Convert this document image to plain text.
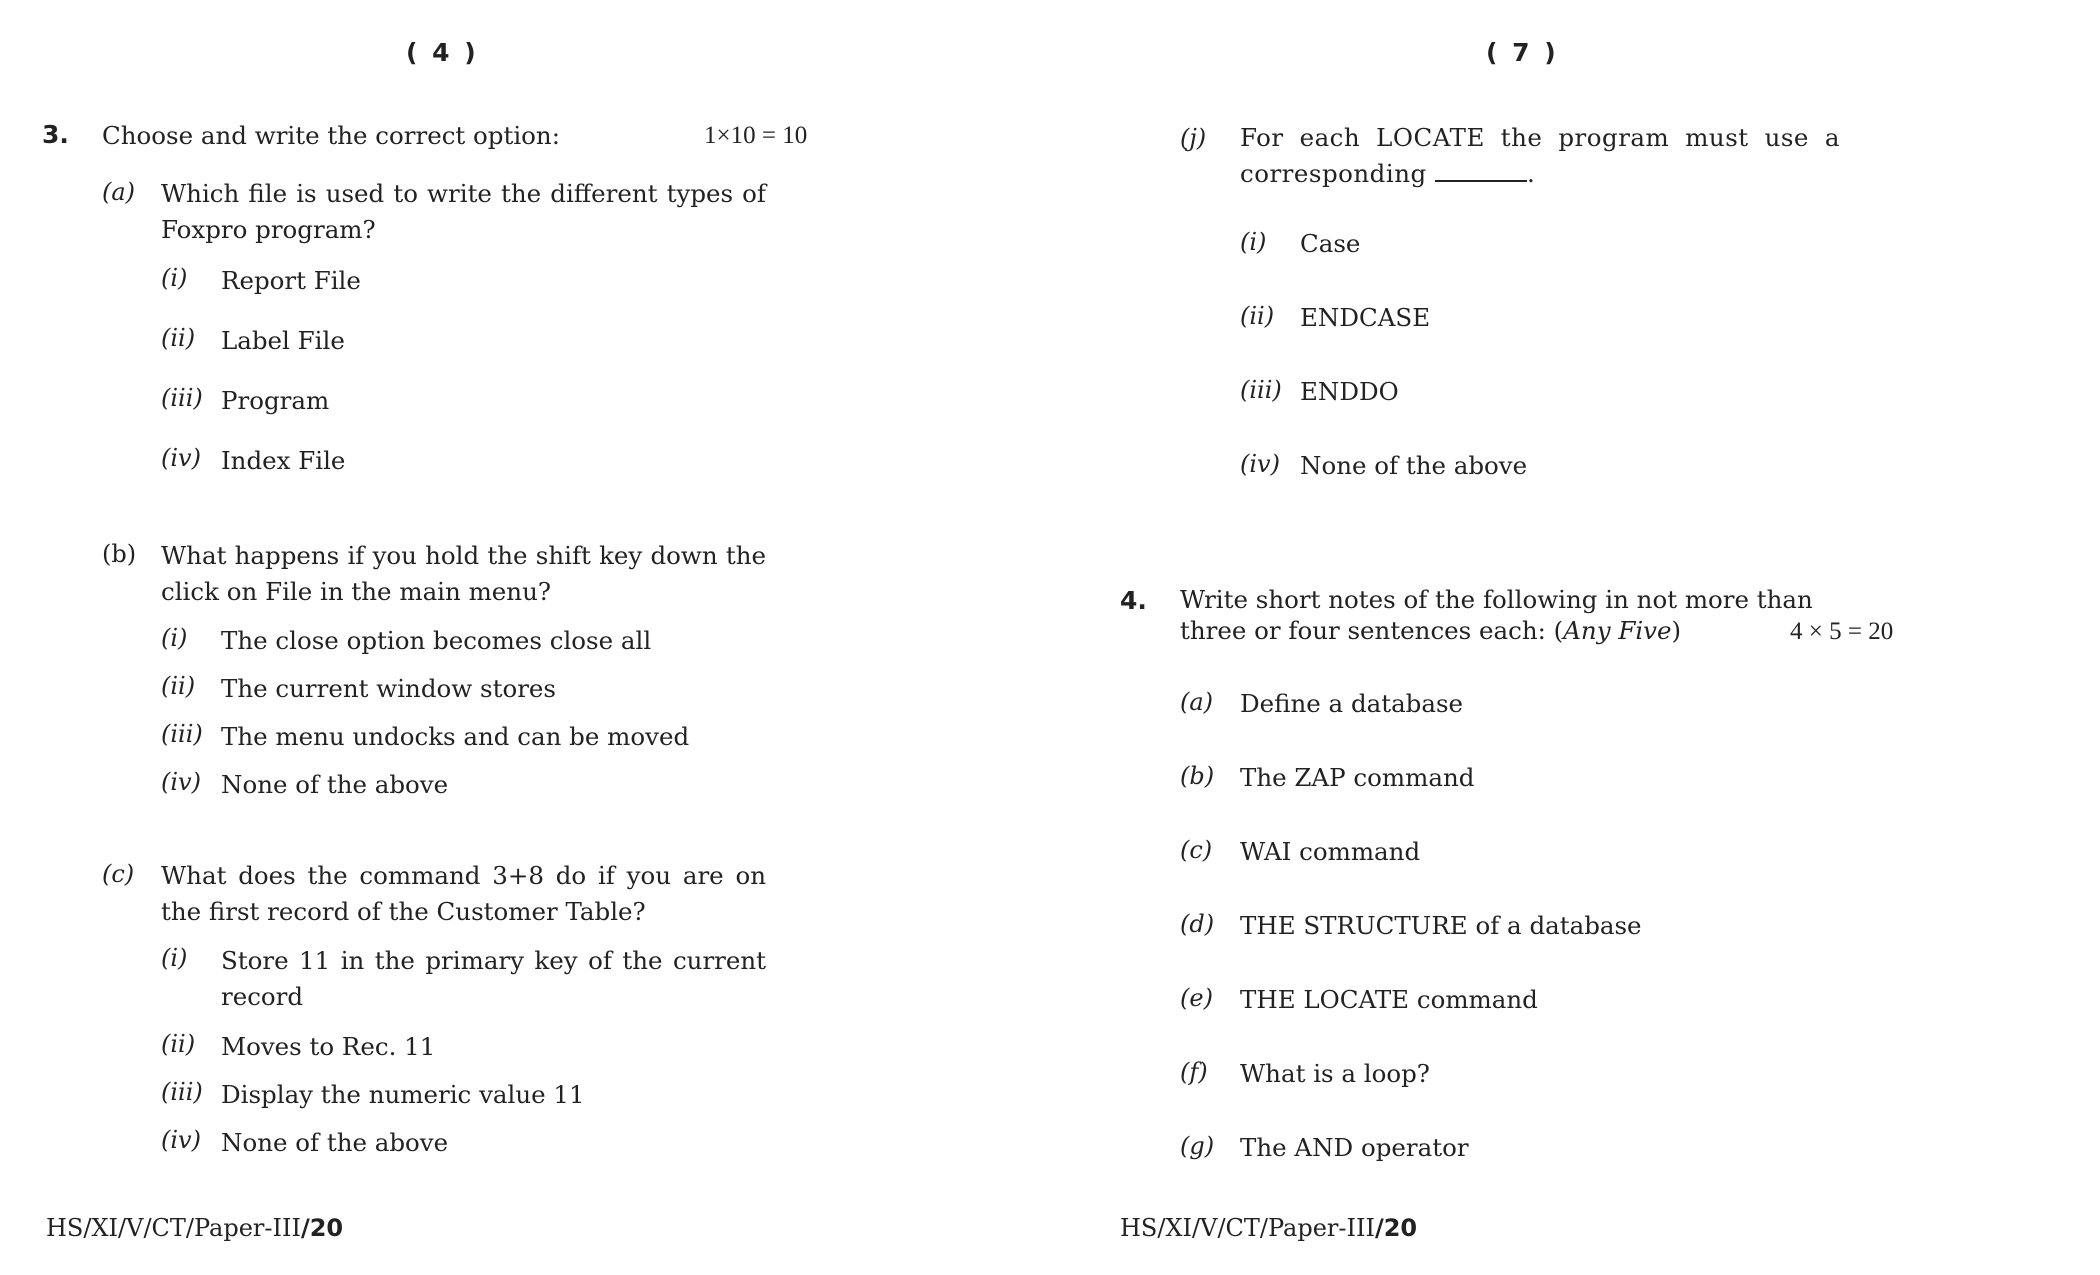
( 4 )
3. Choose and write the correct option:	1×10 = 10
(a) Which file is used to write the different types of Foxpro program?
(i) Report File
(ii) Label File
(iii) Program
(iv) Index File
(b) What happens if you hold the shift key down the click on File in the main menu?
(i) The close option becomes close all
(ii) The current window stores
(iii) The menu undocks and can be moved
(iv) None of the above
(c) What does the command 3+8 do if you are on the first record of the Customer Table?
(i) Store 11 in the primary key of the current record
(ii) Moves to Rec. 11
(iii) Display the numeric value 11
(iv) None of the above
HS/XI/V/CT/Paper-III/20
( 7 )
(j) For each LOCATE the program must use a corresponding	.
(i) Case
(ii) ENDCASE
(iii) ENDDO
(iv) None of the above
4. Write short notes of the following in not more than
three or four sentences each: (Any Five)	4 × 5 = 20
(a) Define a database
(b) The ZAP command
(c) WAI command
(d) THE STRUCTURE of a database
(e) THE LOCATE command
(f) What is a loop?
(g) The AND operator
HS/XI/V/CT/Paper-III/20
